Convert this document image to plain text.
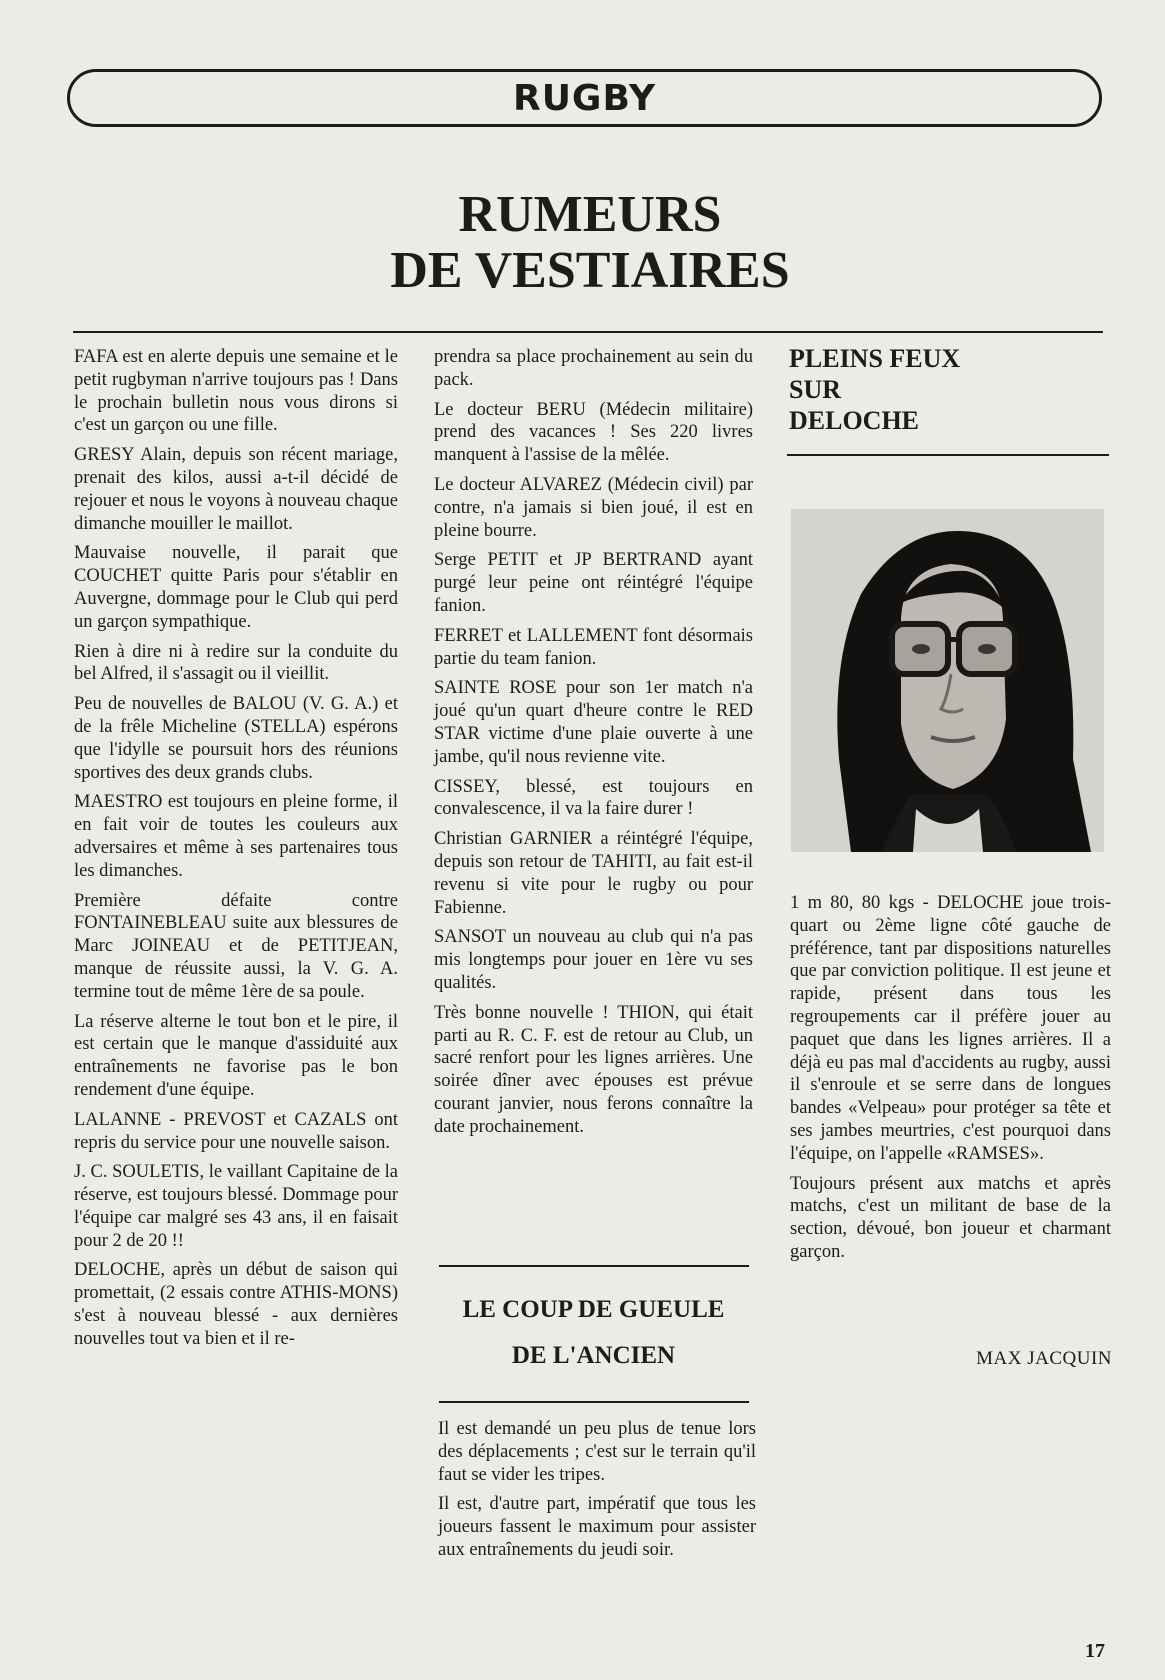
RUGBY
RUMEURS
DE VESTIAIRES

FAFA est en alerte depuis une semaine et le petit rugbyman n'arrive toujours pas ! Dans le prochain bulletin nous vous dirons si c'est un garçon ou une fille.

GRESY Alain, depuis son récent mariage, prenait des kilos, aussi a-t-il décidé de rejouer et nous le voyons à nouveau chaque dimanche mouiller le maillot.

Mauvaise nouvelle, il parait que COUCHET quitte Paris pour s'établir en Auvergne, dommage pour le Club qui perd un garçon sympathique.

Rien à dire ni à redire sur la conduite du bel Alfred, il s'assagit ou il vieillit.

Peu de nouvelles de BALOU (V. G. A.) et de la frêle Micheline (STELLA) espérons que l'idylle se poursuit hors des réunions sportives des deux grands clubs.

MAESTRO est toujours en pleine forme, il en fait voir de toutes les couleurs aux adversaires et même à ses partenaires tous les dimanches.

Première défaite contre FONTAINEBLEAU suite aux blessures de Marc JOINEAU et de PETITJEAN, manque de réussite aussi, la V. G. A. termine tout de même 1ère de sa poule.

La réserve alterne le tout bon et le pire, il est certain que le manque d'assiduité aux entraînements ne favorise pas le bon rendement d'une équipe.

LALANNE - PREVOST et CAZALS ont repris du service pour une nouvelle saison.

J. C. SOULETIS, le vaillant Capitaine de la réserve, est toujours blessé. Dommage pour l'équipe car malgré ses 43 ans, il en faisait pour 2 de 20 !!

DELOCHE, après un début de saison qui promettait, (2 essais contre ATHIS-MONS) s'est à nouveau blessé - aux dernières nouvelles tout va bien et il re-

prendra sa place prochainement au sein du pack.

Le docteur BERU (Médecin militaire) prend des vacances ! Ses 220 livres manquent à l'assise de la mêlée.

Le docteur ALVAREZ (Médecin civil) par contre, n'a jamais si bien joué, il est en pleine bourre.

Serge PETIT et JP BERTRAND ayant purgé leur peine ont réintégré l'équipe fanion.

FERRET et LALLEMENT font désormais partie du team fanion.

SAINTE ROSE pour son 1er match n'a joué qu'un quart d'heure contre le RED STAR victime d'une plaie ouverte à une jambe, qu'il nous revienne vite.

CISSEY, blessé, est toujours en convalescence, il va la faire durer !

Christian GARNIER a réintégré l'équipe, depuis son retour de TAHITI, au fait est-il revenu si vite pour le rugby ou pour Fabienne.

SANSOT un nouveau au club qui n'a pas mis longtemps pour jouer en 1ère vu ses qualités.

Très bonne nouvelle ! THION, qui était parti au R. C. F. est de retour au Club, un sacré renfort pour les lignes arrières. Une soirée dîner avec épouses est prévue courant janvier, nous ferons connaître la date prochainement.

LE COUP DE GUEULE
DE L'ANCIEN

Il est demandé un peu plus de tenue lors des déplacements ; c'est sur le terrain qu'il faut se vider les tripes.

Il est, d'autre part, impératif que tous les joueurs fassent le maximum pour assister aux entraînements du jeudi soir.

PLEINS FEUX
SUR
DELOCHE

1 m 80, 80 kgs - DELOCHE joue trois-quart ou 2ème ligne côté gauche de préférence, tant par dispositions naturelles que par conviction politique. Il est jeune et rapide, présent dans tous les regroupements car il préfère jouer au paquet que dans les lignes arrières. Il a déjà eu pas mal d'accidents au rugby, aussi il s'enroule et se serre dans de longues bandes «Velpeau» pour protéger sa tête et ses jambes meurtries, c'est pourquoi dans l'équipe, on l'appelle «RAMSES».

Toujours présent aux matchs et après matchs, c'est un militant de base de la section, dévoué, bon joueur et charmant garçon.

MAX JACQUIN
17
